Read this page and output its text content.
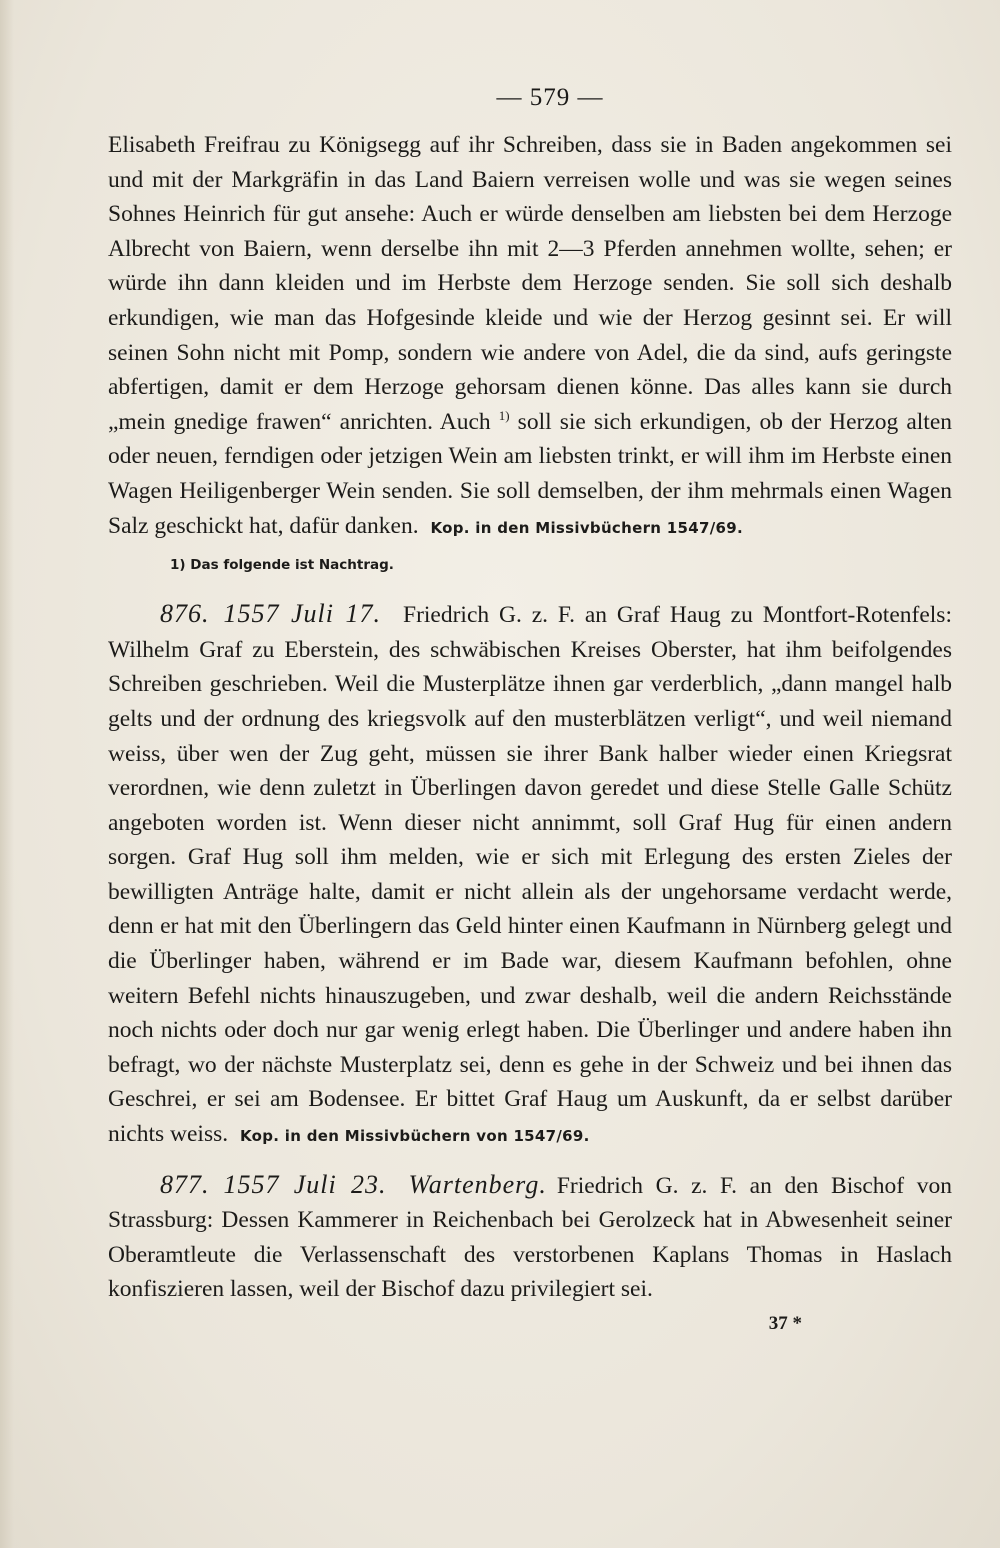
— 579 —

Elisabeth Freifrau zu Königsegg auf ihr Schreiben, dass sie in Baden angekommen sei und mit der Markgräfin in das Land Baiern verreisen wolle und was sie wegen seines Sohnes Heinrich für gut ansehe: Auch er würde denselben am liebsten bei dem Herzoge Albrecht von Baiern, wenn derselbe ihn mit 2—3 Pferden annehmen wollte, sehen; er würde ihn dann kleiden und im Herbste dem Herzoge senden. Sie soll sich deshalb erkundigen, wie man das Hofgesinde kleide und wie der Herzog gesinnt sei. Er will seinen Sohn nicht mit Pomp, sondern wie andere von Adel, die da sind, aufs geringste abfertigen, damit er dem Herzoge gehorsam dienen könne. Das alles kann sie durch „mein gnedige frawen“ anrichten. Auch $^{1)}$ soll sie sich erkundigen, ob der Herzog alten oder neuen, ferndigen oder jetzigen Wein am liebsten trinkt, er will ihm im Herbste einen Wagen Heiligenberger Wein senden. Sie soll demselben, der ihm mehrmals einen Wagen Salz geschickt hat, dafür danken. Kop. in den Missivbüchern 1547/69.

1) Das folgende ist Nachtrag.

876. 1557 Juli 17. Friedrich G. z. F. an Graf Haug zu Montfort-Rotenfels: Wilhelm Graf zu Eberstein, des schwäbischen Kreises Oberster, hat ihm beifolgendes Schreiben geschrieben. Weil die Musterplätze ihnen gar verderblich, „dann mangel halb gelts und der ordnung des kriegsvolk auf den musterblätzen verligt“, und weil niemand weiss, über wen der Zug geht, müssen sie ihrer Bank halber wieder einen Kriegsrat verordnen, wie denn zuletzt in Überlingen davon geredet und diese Stelle Galle Schütz angeboten worden ist. Wenn dieser nicht annimmt, soll Graf Hug für einen andern sorgen. Graf Hug soll ihm melden, wie er sich mit Erlegung des ersten Zieles der bewilligten Anträge halte, damit er nicht allein als der ungehorsame verdacht werde, denn er hat mit den Überlingern das Geld hinter einen Kaufmann in Nürnberg gelegt und die Überlinger haben, während er im Bade war, diesem Kaufmann befohlen, ohne weitern Befehl nichts hinauszugeben, und zwar deshalb, weil die andern Reichsstände noch nichts oder doch nur gar wenig erlegt haben. Die Überlinger und andere haben ihn befragt, wo der nächste Musterplatz sei, denn es gehe in der Schweiz und bei ihnen das Geschrei, er sei am Bodensee. Er bittet Graf Haug um Auskunft, da er selbst darüber nichts weiss. Kop. in den Missivbüchern von 1547/69.

877. 1557 Juli 23. Wartenberg. Friedrich G. z. F. an den Bischof von Strassburg: Dessen Kammerer in Reichenbach bei Gerolzeck hat in Abwesenheit seiner Oberamtleute die Verlassenschaft des verstorbenen Kaplans Thomas in Haslach konfiszieren lassen, weil der Bischof dazu privilegiert sei.

37 *
